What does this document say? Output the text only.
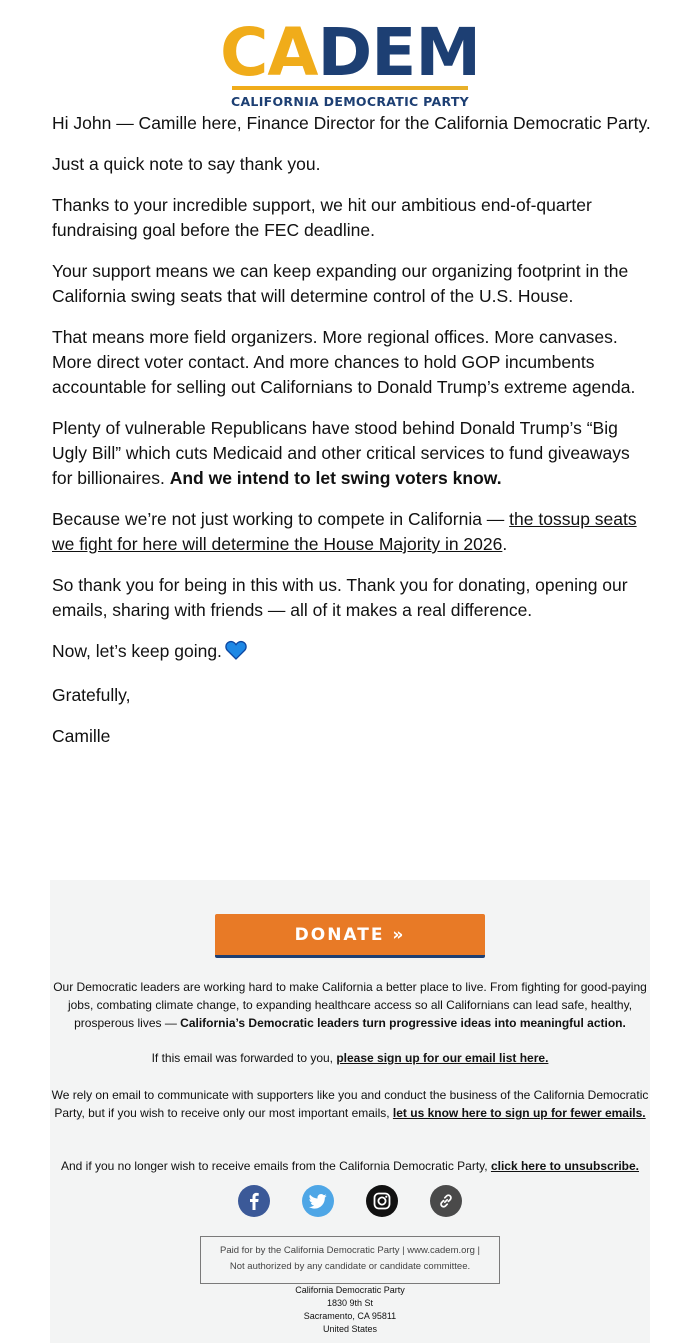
CADEM
CALIFORNIA DEMOCRATIC PARTY

Hi John — Camille here, Finance Director for the California Democratic Party.

Just a quick note to say thank you.

Thanks to your incredible support, we hit our ambitious end-of-quarter fundraising goal before the FEC deadline.

Your support means we can keep expanding our organizing footprint in the California swing seats that will determine control of the U.S. House.

That means more field organizers. More regional offices. More canvases. More direct voter contact. And more chances to hold GOP incumbents accountable for selling out Californians to Donald Trump’s extreme agenda.

Plenty of vulnerable Republicans have stood behind Donald Trump’s “Big Ugly Bill” which cuts Medicaid and other critical services to fund giveaways for billionaires. And we intend to let swing voters know.

Because we’re not just working to compete in California — the tossup seats we fight for here will determine the House Majority in 2026.

So thank you for being in this with us. Thank you for donating, opening our emails, sharing with friends — all of it makes a real difference.

Now, let’s keep going.

Gratefully,

Camille

DONATE »
Our Democratic leaders are working hard to make California a better place to live. From fighting for good-paying jobs, combating climate change, to expanding healthcare access so all Californians can lead safe, healthy, prosperous lives — California’s Democratic leaders turn progressive ideas into meaningful action.
If this email was forwarded to you, please sign up for our email list here.
We rely on email to communicate with supporters like you and conduct the business of the California Democratic Party, but if you wish to receive only our most important emails, let us know here to sign up for fewer emails.
And if you no longer wish to receive emails from the California Democratic Party, click here to unsubscribe.
Paid for by the California Democratic Party | www.cadem.org |
Not authorized by any candidate or candidate committee.
California Democratic Party
1830 9th St
Sacramento, CA 95811
United States
